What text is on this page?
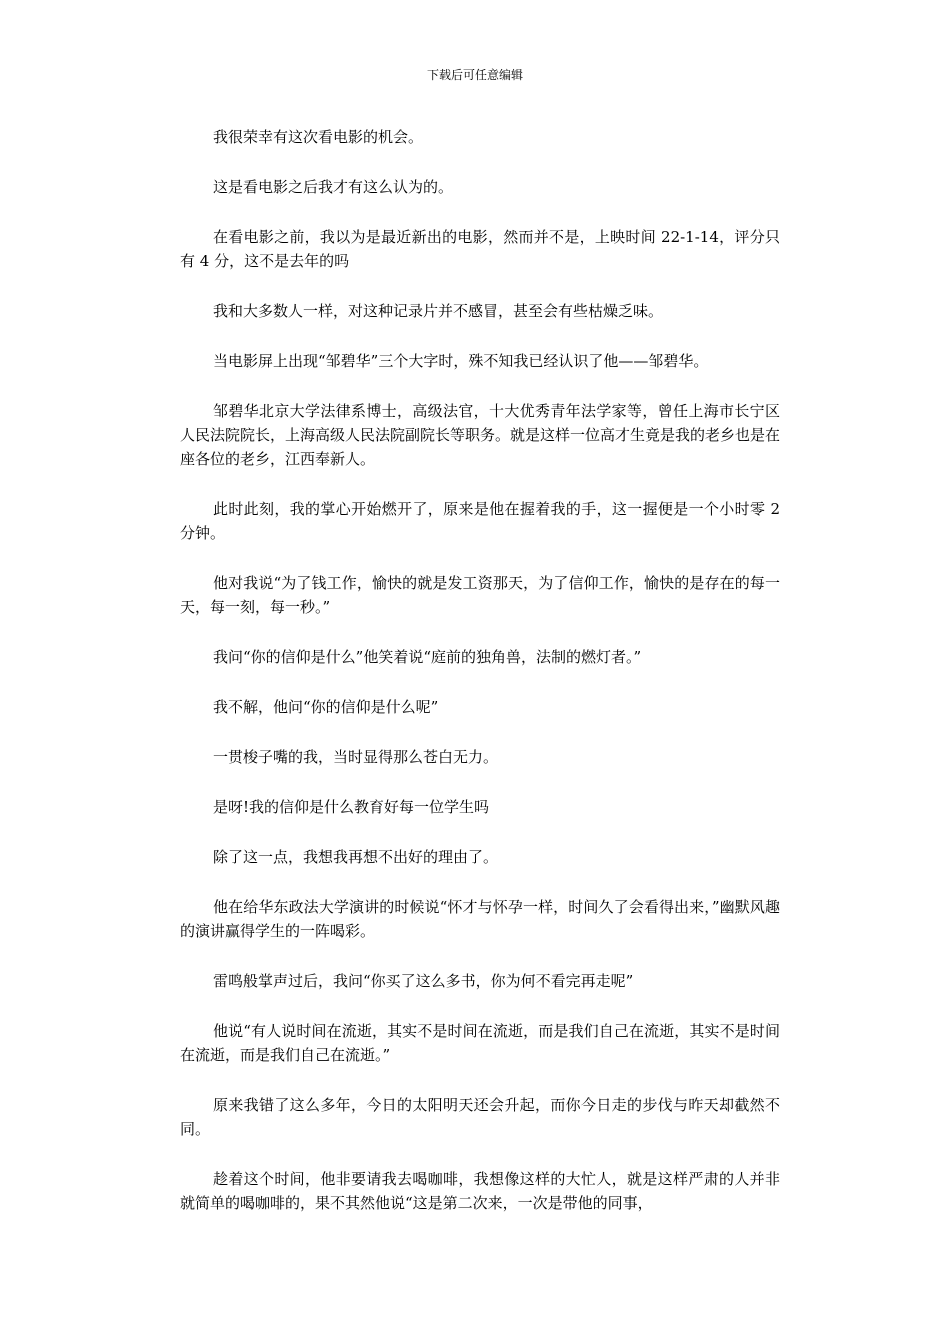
下载后可任意编辑

我很荣幸有这次看电影的机会。

这是看电影之后我才有这么认为的。

在看电影之前，我以为是最近新出的电影，然而并不是，上映时间 22-1-14，评分只有 4 分，这不是去年的吗

我和大多数人一样，对这种记录片并不感冒，甚至会有些枯燥乏味。

当电影屏上出现“邹碧华”三个大字时，殊不知我已经认识了他——邹碧华。

邹碧华北京大学法律系博士，高级法官，十大优秀青年法学家等，曾任上海市长宁区人民法院院长，上海高级人民法院副院长等职务。就是这样一位高才生竟是我的老乡也是在座各位的老乡，江西奉新人。

此时此刻，我的掌心开始燃开了，原来是他在握着我的手，这一握便是一个小时零 2 分钟。

他对我说“为了钱工作，愉快的就是发工资那天，为了信仰工作，愉快的是存在的每一天，每一刻，每一秒。”

我问“你的信仰是什么”他笑着说“庭前的独角兽，法制的燃灯者。”

我不解，他问“你的信仰是什么呢”

一贯梭子嘴的我，当时显得那么苍白无力。

是呀!我的信仰是什么教育好每一位学生吗

除了这一点，我想我再想不出好的理由了。

他在给华东政法大学演讲的时候说“怀才与怀孕一样，时间久了会看得出来，”幽默风趣的演讲赢得学生的一阵喝彩。

雷鸣般掌声过后，我问“你买了这么多书，你为何不看完再走呢”

他说“有人说时间在流逝，其实不是时间在流逝，而是我们自己在流逝，其实不是时间在流逝，而是我们自己在流逝。”

原来我错了这么多年，今日的太阳明天还会升起，而你今日走的步伐与昨天却截然不同。

趁着这个时间，他非要请我去喝咖啡，我想像这样的大忙人，就是这样严肃的人并非就简单的喝咖啡的，果不其然他说“这是第二次来，一次是带他的同事，
